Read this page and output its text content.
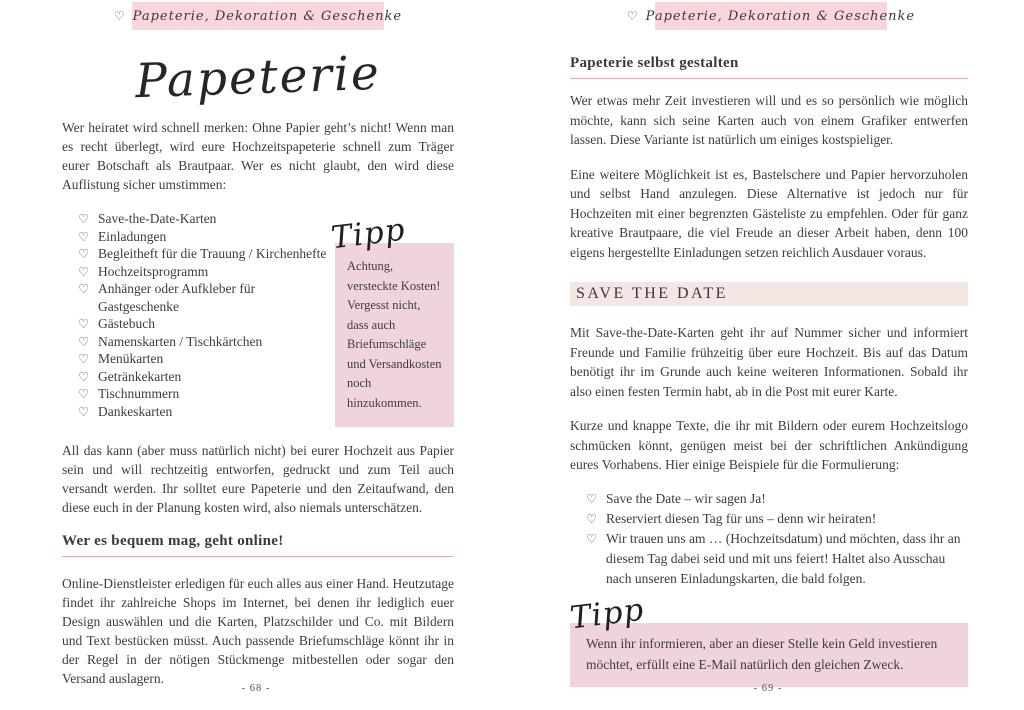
♡ Papeterie, Dekoration & Geschenke
Papeterie

Wer heiratet wird schnell merken: Ohne Papier geht’s nicht! Wenn man es recht überlegt, wird eure Hochzeitspapeterie schnell zum Träger eurer Botschaft als Brautpaar. Wer es nicht glaubt, den wird diese Auflistung sicher umstimmen:

♡ Save-the-Date-Karten
♡ Einladungen
♡ Begleitheft für die Trauung / Kirchenhefte
♡ Hochzeitsprogramm
♡ Anhänger oder Aufkleber für Gastgeschenke
♡ Gästebuch
♡ Namenskarten / Tischkärtchen
♡ Menükarten
♡ Getränkekarten
♡ Tischnummern
♡ Dankeskarten
Tipp
Achtung, versteckte Kosten! Vergesst nicht, dass auch Briefumschläge und Versandkosten noch hinzukommen.

All das kann (aber muss natürlich nicht) bei eurer Hochzeit aus Papier sein und will rechtzeitig entworfen, gedruckt und zum Teil auch versandt werden. Ihr solltet eure Papeterie und den Zeitaufwand, den diese euch in der Planung kosten wird, also niemals unterschätzen.

Wer es bequem mag, geht online!

Online-Dienstleister erledigen für euch alles aus einer Hand. Heutzutage findet ihr zahlreiche Shops im Internet, bei denen ihr lediglich euer Design auswählen und die Karten, Platzschilder und Co. mit Bildern und Text bestücken müsst. Auch passende Briefumschläge könnt ihr in der Regel in der nötigen Stückmenge mitbestellen oder sogar den Versand auslagern.

- 68 -
♡ Papeterie, Dekoration & Geschenke
Papeterie selbst gestalten

Wer etwas mehr Zeit investieren will und es so persönlich wie möglich möchte, kann sich seine Karten auch von einem Grafiker entwerfen lassen. Diese Variante ist natürlich um einiges kostspieliger.

Eine weitere Möglichkeit ist es, Bastelschere und Papier hervorzuholen und selbst Hand anzulegen. Diese Alternative ist jedoch nur für Hochzeiten mit einer begrenzten Gästeliste zu empfehlen. Oder für ganz kreative Brautpaare, die viel Freude an dieser Arbeit haben, denn 100 eigens hergestellte Einladungen setzen reichlich Ausdauer voraus.

SAVE THE DATE

Mit Save-the-Date-Karten geht ihr auf Nummer sicher und informiert Freunde und Familie frühzeitig über eure Hochzeit. Bis auf das Datum benötigt ihr im Grunde auch keine weiteren Informationen. Sobald ihr also einen festen Termin habt, ab in die Post mit eurer Karte.

Kurze und knappe Texte, die ihr mit Bildern oder eurem Hochzeitslogo schmücken könnt, genügen meist bei der schriftlichen Ankündigung eures Vorhabens. Hier einige Beispiele für die Formulierung:

♡ Save the Date – wir sagen Ja!
♡ Reserviert diesen Tag für uns – denn wir heiraten!
♡ Wir trauen uns am … (Hochzeitsdatum) und möchten, dass ihr an diesem Tag dabei seid und mit uns feiert! Haltet also Ausschau nach unseren Einladungskarten, die bald folgen.
Tipp
Wenn ihr informieren, aber an dieser Stelle kein Geld investieren möchtet, erfüllt eine E-Mail natürlich den gleichen Zweck.
- 69 -
